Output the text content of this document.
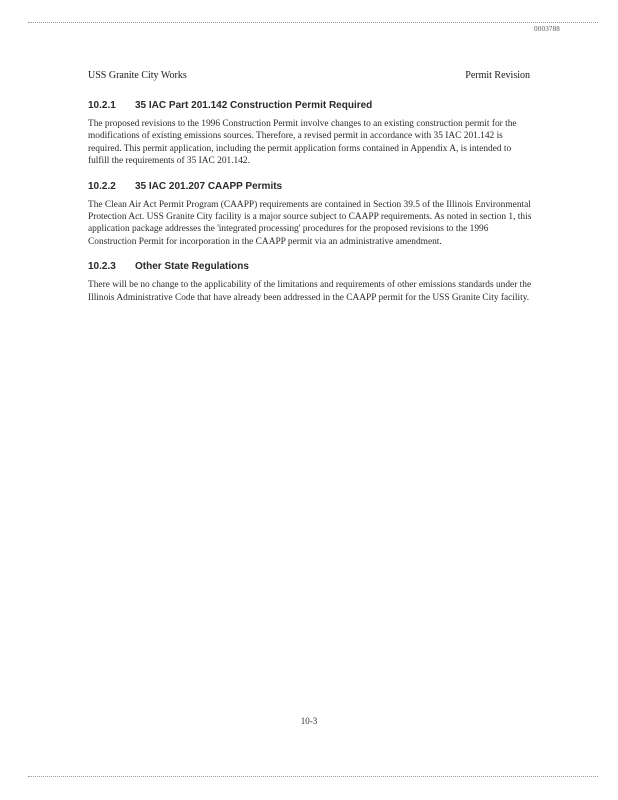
0003788
USS Granite City Works	Permit Revision
10.2.1	35 IAC Part 201.142 Construction Permit Required

The proposed revisions to the 1996 Construction Permit involve changes to an existing construction permit for the modifications of existing emissions sources. Therefore, a revised permit in accordance with 35 IAC 201.142 is required. This permit application, including the permit application forms contained in Appendix A, is intended to fulfill the requirements of 35 IAC 201.142.

10.2.2	35 IAC 201.207 CAAPP Permits

The Clean Air Act Permit Program (CAAPP) requirements are contained in Section 39.5 of the Illinois Environmental Protection Act. USS Granite City facility is a major source subject to CAAPP requirements. As noted in section 1, this application package addresses the 'integrated processing' procedures for the proposed revisions to the 1996 Construction Permit for incorporation in the CAAPP permit via an administrative amendment.

10.2.3	Other State Regulations

There will be no change to the applicability of the limitations and requirements of other emissions standards under the Illinois Administrative Code that have already been addressed in the CAAPP permit for the USS Granite City facility.

10-3
